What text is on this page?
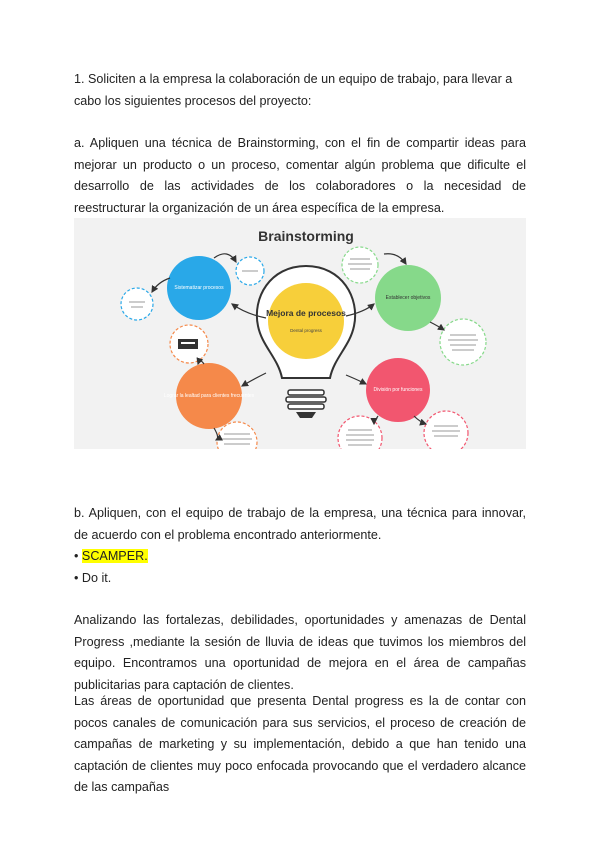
1. Soliciten a la empresa la colaboración de un equipo de trabajo, para llevar a cabo los siguientes procesos del proyecto:

a. Apliquen una técnica de Brainstorming, con el fin de compartir ideas para mejorar un producto o un proceso, comentar algún problema que dificulte el desarrollo de las actividades de los colaboradores o la necesidad de reestructurar la organización de un área específica de la empresa.

Brainstorming
Mejora de procesos
Dental progress
Sistematizar procesos
Establecer objetivos
Lograr la lealtad para clientes frecuentes
División por funciones

b. Apliquen, con el equipo de trabajo de la empresa, una técnica para innovar, de acuerdo con el problema encontrado anteriormente.

• SCAMPER.

• Do it.

Analizando las fortalezas, debilidades, oportunidades y amenazas de Dental Progress ,mediante la sesión de lluvia de ideas que tuvimos los miembros del equipo. Encontramos una oportunidad de mejora en el área de campañas publicitarias para captación de clientes.

Las áreas de oportunidad que presenta Dental progress es la de contar con pocos canales de comunicación para sus servicios, el proceso de creación de campañas de marketing y su implementación, debido a que han tenido una captación de clientes muy poco enfocada provocando que el verdadero alcance de las campañas
